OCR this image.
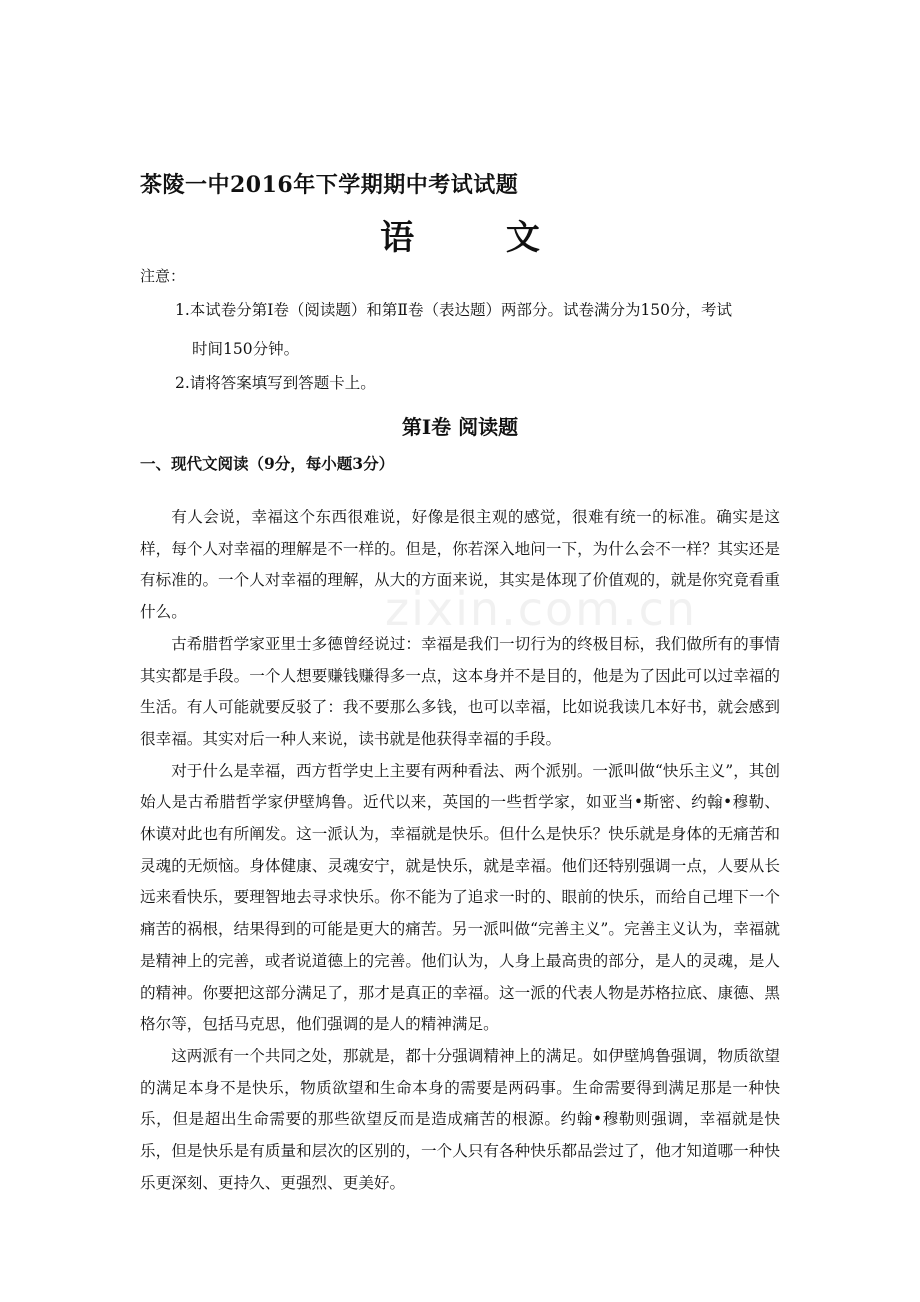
茶陵一中2016年下学期期中考试试题
语 文
注意：
1.本试卷分第Ⅰ卷（阅读题）和第Ⅱ卷（表达题）两部分。试卷满分为150分，考试
时间150分钟。
2.请将答案填写到答题卡上。
第Ⅰ卷 阅读题
一、现代文阅读（9分，每小题3分）

有人会说，幸福这个东西很难说，好像是很主观的感觉，很难有统一的标准。确实是这样，每个人对幸福的理解是不一样的。但是，你若深入地问一下，为什么会不一样？其实还是有标准的。一个人对幸福的理解，从大的方面来说，其实是体现了价值观的，就是你究竟看重什么。

古希腊哲学家亚里士多德曾经说过：幸福是我们一切行为的终极目标，我们做所有的事情其实都是手段。一个人想要赚钱赚得多一点，这本身并不是目的，他是为了因此可以过幸福的生活。有人可能就要反驳了：我不要那么多钱，也可以幸福，比如说我读几本好书，就会感到很幸福。其实对后一种人来说，读书就是他获得幸福的手段。

对于什么是幸福，西方哲学史上主要有两种看法、两个派别。一派叫做“快乐主义”，其创始人是古希腊哲学家伊壁鸠鲁。近代以来，英国的一些哲学家，如亚当•斯密、约翰•穆勒、休谟对此也有所阐发。这一派认为，幸福就是快乐。但什么是快乐？快乐就是身体的无痛苦和灵魂的无烦恼。身体健康、灵魂安宁，就是快乐，就是幸福。他们还特别强调一点，人要从长远来看快乐，要理智地去寻求快乐。你不能为了追求一时的、眼前的快乐，而给自己埋下一个痛苦的祸根，结果得到的可能是更大的痛苦。另一派叫做“完善主义”。完善主义认为，幸福就是精神上的完善，或者说道德上的完善。他们认为，人身上最高贵的部分，是人的灵魂，是人的精神。你要把这部分满足了，那才是真正的幸福。这一派的代表人物是苏格拉底、康德、黑格尔等，包括马克思，他们强调的是人的精神满足。

这两派有一个共同之处，那就是，都十分强调精神上的满足。如伊壁鸠鲁强调，物质欲望的满足本身不是快乐，物质欲望和生命本身的需要是两码事。生命需要得到满足那是一种快乐，但是超出生命需要的那些欲望反而是造成痛苦的根源。约翰•穆勒则强调，幸福就是快乐，但是快乐是有质量和层次的区别的，一个人只有各种快乐都品尝过了，他才知道哪一种快乐更深刻、更持久、更强烈、更美好。

zixin.com.cn
